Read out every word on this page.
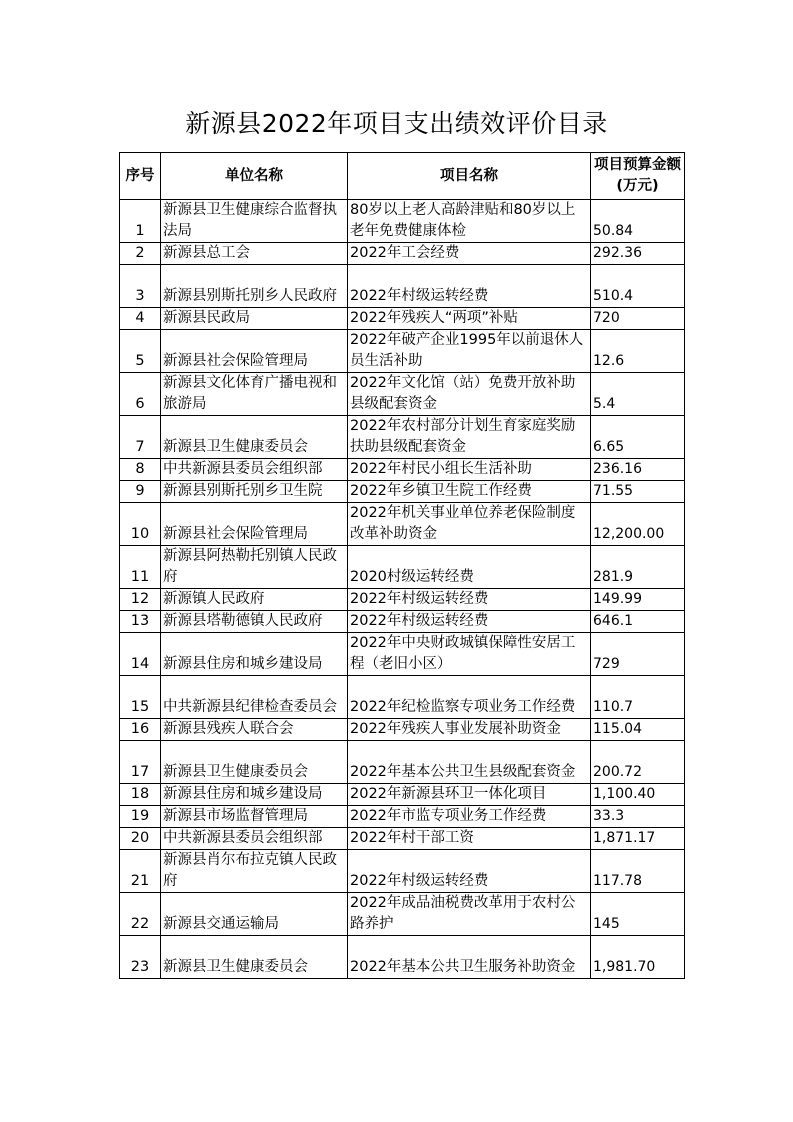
新源县2022年项目支出绩效评价目录
序号	单位名称	项目名称	项目预算金额(万元)
1	新源县卫生健康综合监督执法局	80岁以上老人高龄津贴和80岁以上老年免费健康体检	50.84
2	新源县总工会	2022年工会经费	292.36
3	新源县别斯托别乡人民政府	2022年村级运转经费	510.4
4	新源县民政局	2022年残疾人“两项”补贴	720
5	新源县社会保险管理局	2022年破产企业1995年以前退休人员生活补助	12.6
6	新源县文化体育广播电视和旅游局	2022年文化馆（站）免费开放补助县级配套资金	5.4
7	新源县卫生健康委员会	2022年农村部分计划生育家庭奖励扶助县级配套资金	6.65
8	中共新源县委员会组织部	2022年村民小组长生活补助	236.16
9	新源县别斯托别乡卫生院	2022年乡镇卫生院工作经费	71.55
10	新源县社会保险管理局	2022年机关事业单位养老保险制度改革补助资金	12,200.00
11	新源县阿热勒托别镇人民政府	2020村级运转经费	281.9
12	新源镇人民政府	2022年村级运转经费	149.99
13	新源县塔勒德镇人民政府	2022年村级运转经费	646.1
14	新源县住房和城乡建设局	2022年中央财政城镇保障性安居工程（老旧小区）	729
15	中共新源县纪律检查委员会	2022年纪检监察专项业务工作经费	110.7
16	新源县残疾人联合会	2022年残疾人事业发展补助资金	115.04
17	新源县卫生健康委员会	2022年基本公共卫生县级配套资金	200.72
18	新源县住房和城乡建设局	2022年新源县环卫一体化项目	1,100.40
19	新源县市场监督管理局	2022年市监专项业务工作经费	33.3
20	中共新源县委员会组织部	2022年村干部工资	1,871.17
21	新源县肖尔布拉克镇人民政府	2022年村级运转经费	117.78
22	新源县交通运输局	2022年成品油税费改革用于农村公路养护	145
23	新源县卫生健康委员会	2022年基本公共卫生服务补助资金	1,981.70
